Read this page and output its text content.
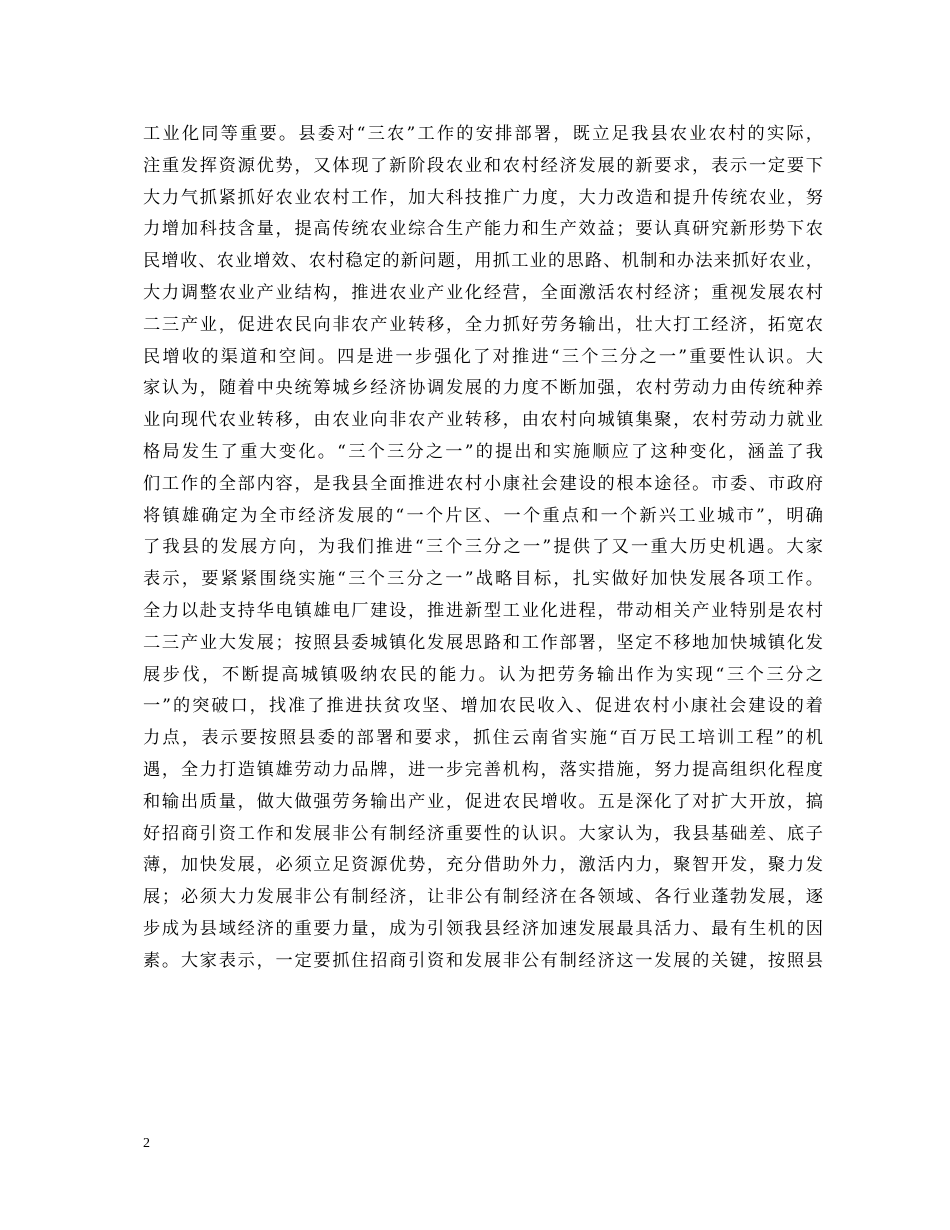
工业化同等重要。县委对“三农”工作的安排部署，既立足我县农业农村的实际，
注重发挥资源优势，又体现了新阶段农业和农村经济发展的新要求，表示一定要下
大力气抓紧抓好农业农村工作，加大科技推广力度，大力改造和提升传统农业，努
力增加科技含量，提高传统农业综合生产能力和生产效益；要认真研究新形势下农
民增收、农业增效、农村稳定的新问题，用抓工业的思路、机制和办法来抓好农业，
大力调整农业产业结构，推进农业产业化经营，全面激活农村经济；重视发展农村
二三产业，促进农民向非农产业转移，全力抓好劳务输出，壮大打工经济，拓宽农
民增收的渠道和空间。四是进一步强化了对推进“三个三分之一”重要性认识。大
家认为，随着中央统筹城乡经济协调发展的力度不断加强，农村劳动力由传统种养
业向现代农业转移，由农业向非农产业转移，由农村向城镇集聚，农村劳动力就业
格局发生了重大变化。“三个三分之一”的提出和实施顺应了这种变化，涵盖了我
们工作的全部内容，是我县全面推进农村小康社会建设的根本途径。市委、市政府
将镇雄确定为全市经济发展的“一个片区、一个重点和一个新兴工业城市”，明确
了我县的发展方向，为我们推进“三个三分之一”提供了又一重大历史机遇。大家
表示，要紧紧围绕实施“三个三分之一”战略目标，扎实做好加快发展各项工作。
全力以赴支持华电镇雄电厂建设，推进新型工业化进程，带动相关产业特别是农村
二三产业大发展；按照县委城镇化发展思路和工作部署，坚定不移地加快城镇化发
展步伐，不断提高城镇吸纳农民的能力。认为把劳务输出作为实现“三个三分之
一”的突破口，找准了推进扶贫攻坚、增加农民收入、促进农村小康社会建设的着
力点，表示要按照县委的部署和要求，抓住云南省实施“百万民工培训工程”的机
遇，全力打造镇雄劳动力品牌，进一步完善机构，落实措施，努力提高组织化程度
和输出质量，做大做强劳务输出产业，促进农民增收。五是深化了对扩大开放，搞
好招商引资工作和发展非公有制经济重要性的认识。大家认为，我县基础差、底子
薄，加快发展，必须立足资源优势，充分借助外力，激活内力，聚智开发，聚力发
展；必须大力发展非公有制经济，让非公有制经济在各领域、各行业蓬勃发展，逐
步成为县域经济的重要力量，成为引领我县经济加速发展最具活力、最有生机的因
素。大家表示，一定要抓住招商引资和发展非公有制经济这一发展的关键，按照县
2
